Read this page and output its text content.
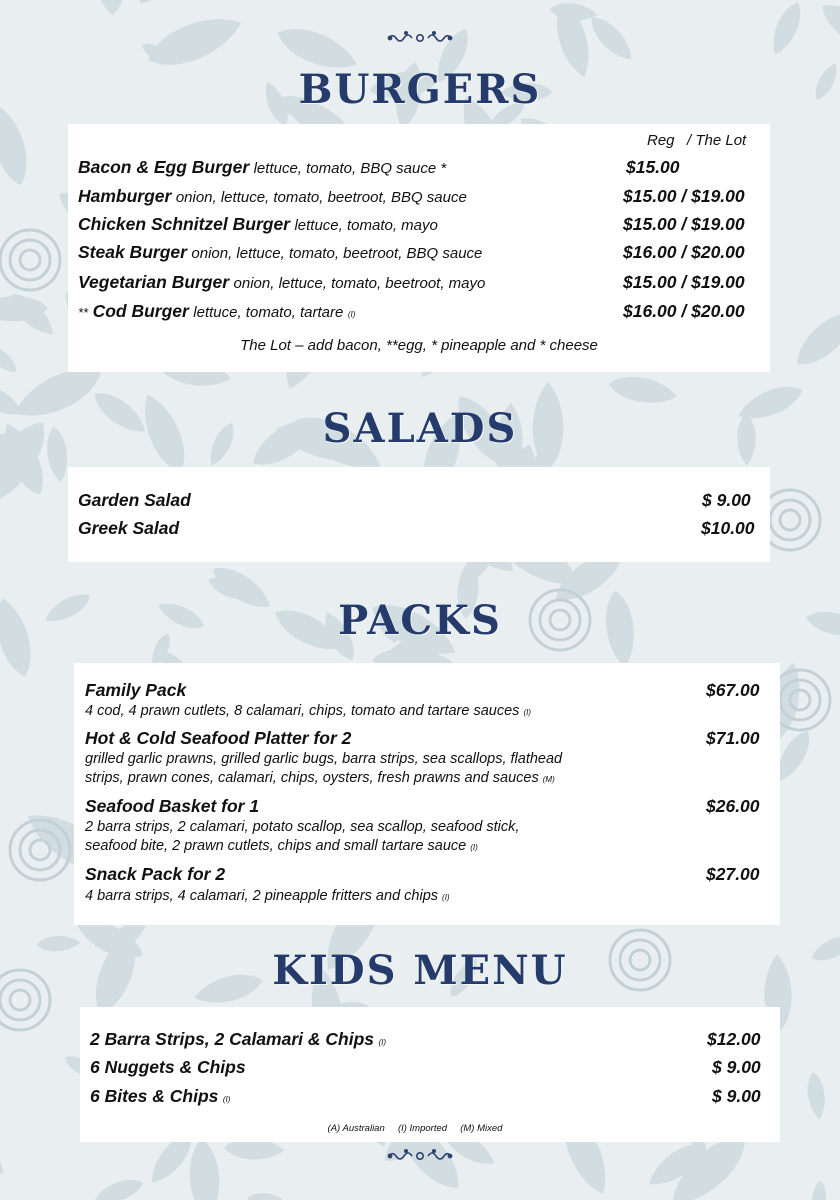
BURGERS
Reg   / The Lot
Bacon & Egg Burger lettuce, tomato, BBQ sauce *	$15.00
Hamburger onion, lettuce, tomato, beetroot, BBQ sauce	$15.00 / $19.00
Chicken Schnitzel Burger lettuce, tomato, mayo	$15.00 / $19.00
Steak Burger onion, lettuce, tomato, beetroot, BBQ sauce	$16.00 / $20.00
Vegetarian Burger onion, lettuce, tomato, beetroot, mayo	$15.00 / $19.00
** Cod Burger lettuce, tomato, tartare (I)	$16.00 / $20.00
The Lot – add bacon, **egg, * pineapple and * cheese
SALADS
Garden Salad	$ 9.00
Greek Salad	$10.00
PACKS
Family Pack	$67.00
4 cod, 4 prawn cutlets, 8 calamari, chips, tomato and tartare sauces (I)
Hot & Cold Seafood Platter for 2	$71.00
grilled garlic prawns, grilled garlic bugs, barra strips, sea scallops, flathead
strips, prawn cones, calamari, chips, oysters, fresh prawns and sauces (M)
Seafood Basket for 1	$26.00
2 barra strips, 2 calamari, potato scallop, sea scallop, seafood stick,
seafood bite, 2 prawn cutlets, chips and small tartare sauce (I)
Snack Pack for 2	$27.00
4 barra strips, 4 calamari, 2 pineapple fritters and chips (I)
KIDS MENU
2 Barra Strips, 2 Calamari & Chips (I)	$12.00
6 Nuggets & Chips	$ 9.00
6 Bites & Chips (I)	$ 9.00
(A) Australian     (I) Imported     (M) Mixed
